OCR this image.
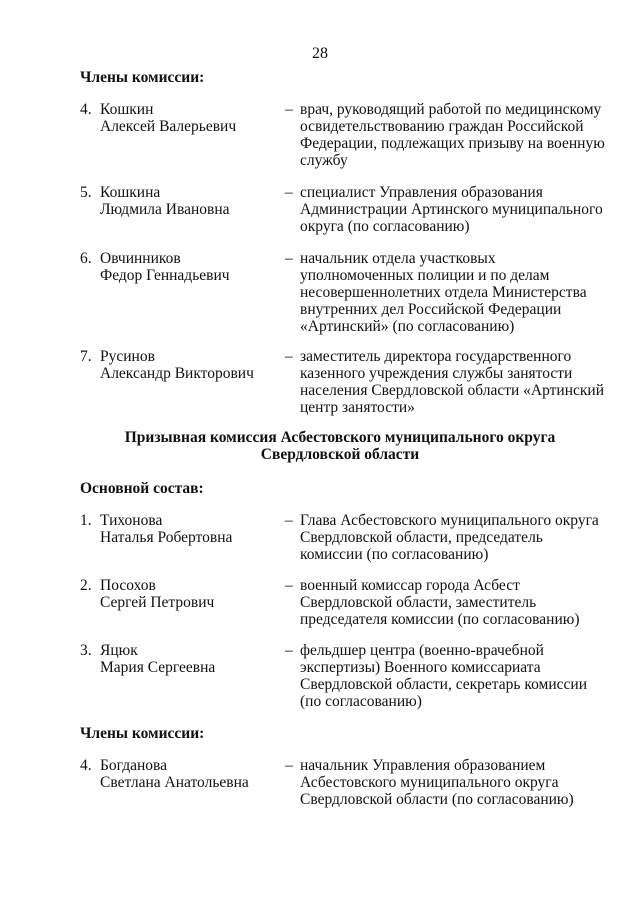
28
Члены комиссии:
4. Кошкин
Алексей Валерьевич
– врач, руководящий работой по медицинскому
освидетельствованию граждан Российской
Федерации, подлежащих призыву на военную
службу
5. Кошкина
Людмила Ивановна
– специалист Управления образования
Администрации Артинского муниципального
округа (по согласованию)
6. Овчинников
Федор Геннадьевич
– начальник отдела участковых
уполномоченных полиции и по делам
несовершеннолетних отдела Министерства
внутренних дел Российской Федерации
«Артинский» (по согласованию)
7. Русинов
Александр Викторович
– заместитель директора государственного
казенного учреждения службы занятости
населения Свердловской области «Артинский
центр занятости»
Призывная комиссия Асбестовского муниципального округа
Свердловской области
Основной состав:
1. Тихонова
Наталья Робертовна
– Глава Асбестовского муниципального округа
Свердловской области, председатель
комиссии (по согласованию)
2. Посохов
Сергей Петрович
– военный комиссар города Асбест
Свердловской области, заместитель
председателя комиссии (по согласованию)
3. Яцюк
Мария Сергеевна
– фельдшер центра (военно-врачебной
экспертизы) Военного комиссариата
Свердловской области, секретарь комиссии
(по согласованию)
Члены комиссии:
4. Богданова
Светлана Анатольевна
– начальник Управления образованием
Асбестовского муниципального округа
Свердловской области (по согласованию)
